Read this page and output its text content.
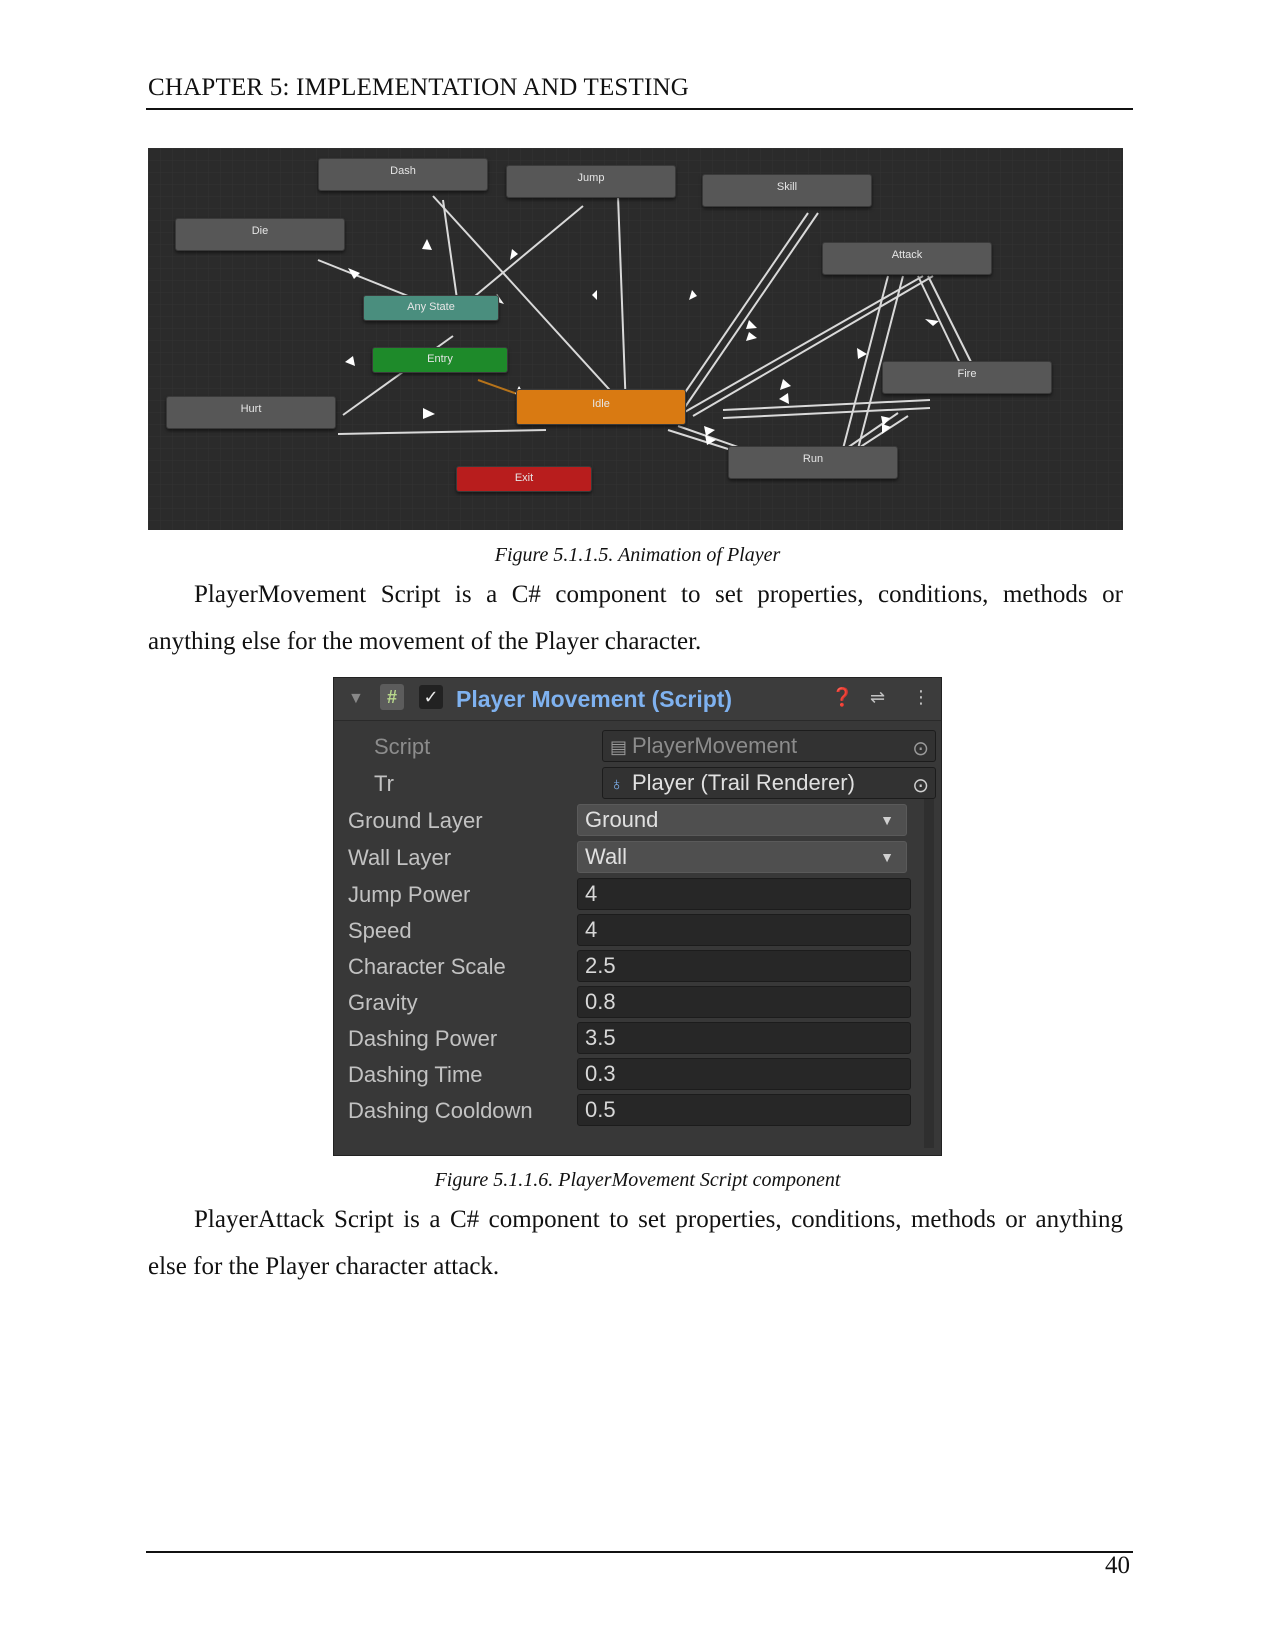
CHAPTER 5: IMPLEMENTATION AND TESTING
Dash
Jump
Skill
Die
Attack
Any State
Entry
Fire
Idle
Hurt
Run
Exit
Figure 5.1.1.5. Animation of Player
PlayerMovement Script is a C# component to set properties, conditions, methods or anything else for the movement of the Player character.
▼	#	✓ Player Movement (Script)	❓ ⇌ ⋮
Script	▤ PlayerMovement	⊙
Tr	♁ Player (Trail Renderer)	⊙
Ground Layer	Ground	▼
Wall Layer	Wall	▼
Jump Power	4
Speed	4
Character Scale	2.5
Gravity	0.8
Dashing Power	3.5
Dashing Time	0.3
Dashing Cooldown	0.5
Figure 5.1.1.6. PlayerMovement Script component
PlayerAttack Script is a C# component to set properties, conditions, methods or anything else for the Player character attack.
40
